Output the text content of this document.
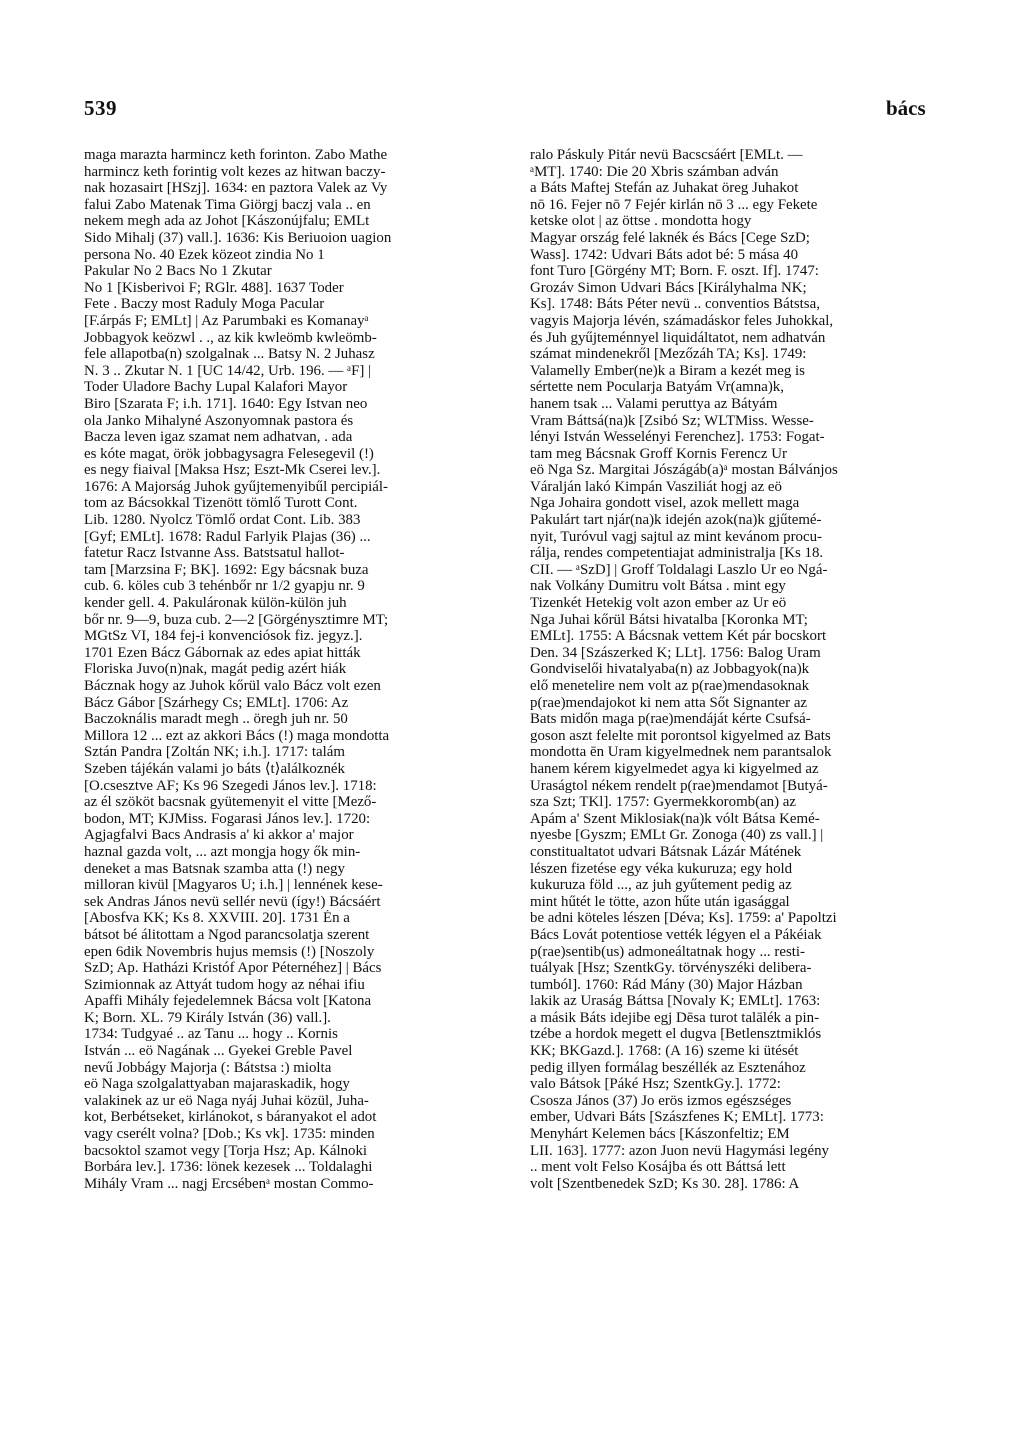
539	bács
maga marazta harmincz keth forinton. Zabo Mathe
harmincz keth forintig volt kezes az hitwan baczy-
nak hozasairt [HSzj]. 1634: en paztora Valek az Vy
falui Zabo Matenak Tima Giörgj baczj vala .. en
nekem megh ada az Johot [Kászonújfalu; EMLt
Sido Mihalj (37) vall.]. 1636: Kis Beriuoion uagion
persona No. 40 Ezek közeot zindia No 1
Pakular No 2 Bacs No 1 Zkutar
No 1 [Kisberivoi F; RGlr. 488]. 1637 Toder
Fete . Baczy most Raduly Moga Pacular
[F.árpás F; EMLt] | Az Parumbaki es Komanayᵃ
Jobbagyok keözwl . ., az kik kwleömb kwleömb-
fele allapotba(n) szolgalnak ... Batsy N. 2 Juhasz
N. 3 .. Zkutar N. 1 [UC 14/42, Urb. 196. — ᵃF] |
Toder Uladore Bachy Lupal Kalafori Mayor
Biro [Szarata F; i.h. 171]. 1640: Egy Istvan neo
ola Janko Mihalyné Aszonyomnak pastora és
Bacza leven igaz szamat nem adhatvan, . ada
es kóte magat, örök jobbagysagra Felesegevil (!)
es negy fiaival [Maksa Hsz; Eszt-Mk Cserei lev.].
1676: A Majorság Juhok gyűjtemenyibűl percipiál-
tom az Bácsokkal Tizenött tömlő Turott Cont.
Lib. 1280. Nyolcz Tömlő ordat Cont. Lib. 383
[Gyf; EMLt]. 1678: Radul Farlyik Plajas (36) ...
fatetur Racz Istvanne Ass. Batstsatul hallot-
tam [Marzsina F; BK]. 1692: Egy bácsnak buza
cub. 6. köles cub 3 tehénbőr nr 1/2 gyapju nr. 9
kender gell. 4. Pakuláronak külön-külön juh
bőr nr. 9—9, buza cub. 2—2 [Görgénysztimre MT;
MGtSz VI, 184 fej-i konvenciósok fiz. jegyz.].
1701 Ezen Bácz Gábornak az edes apiat hitták
Floriska Juvo(n)nak, magát pedig azért hiák
Bácznak hogy az Juhok kőrül valo Bácz volt ezen
Bácz Gábor [Szárhegy Cs; EMLt]. 1706: Az
Baczoknális maradt megh .. öregh juh nr. 50
Millora 12 ... ezt az akkori Bács (!) maga mondotta
Sztán Pandra [Zoltán NK; i.h.]. 1717: talám
Szeben tájékán valami jo báts ⟨t⟩alálkoznék
[O.csesztve AF; Ks 96 Szegedi János lev.]. 1718:
az él szököt bacsnak gyütemenyit el vitte [Mező-
bodon, MT; KJMiss. Fogarasi János lev.]. 1720:
Agjagfalvi Bacs Andrasis a' ki akkor a' major
haznal gazda volt, ... azt mongja hogy ők min-
deneket a mas Batsnak szamba atta (!) negy
milloran kivül [Magyaros U; i.h.] | lennének kese-
sek Andras János nevü sellér nevü (így!) Bácsáért
[Abosfva KK; Ks 8. XXVIII. 20]. 1731 Én a
bátsot bé álitottam a Ngod parancsolatja szerent
epen 6dik Novembris hujus memsis (!) [Noszoly
SzD; Ap. Hatházi Kristóf Apor Péternéhez] | Bács
Szimionnak az Attyát tudom hogy az néhai ifiu
Apaffi Mihály fejedelemnek Bácsa volt [Katona
K; Born. XL. 79 Király István (36) vall.].
1734: Tudgyaé .. az Tanu ... hogy .. Kornis
István ... eö Nagának ... Gyekei Greble Pavel
nevű Jobbágy Majorja (: Bátstsa :) miolta
eö Naga szolgalattyaban majaraskadik, hogy
valakinek az ur eö Naga nyáj Juhai közül, Juha-
kot, Berbétseket, kirlánokot, s báranyakot el adot
vagy cserélt volna? [Dob.; Ks vk]. 1735: minden
bacsoktol szamot vegy [Torja Hsz; Ap. Kálnoki
Borbára lev.]. 1736: lönek kezesek ... Toldalaghi
Mihály Vram ... nagj Ercsébenᵃ mostan Commo-
ralo Páskuly Pitár nevü Bacscsáért [EMLt. —
ᵃMT]. 1740: Die 20 Xbris számban adván
a Báts Maftej Stefán az Juhakat öreg Juhakot
nō 16. Fejer nō 7 Fejér kirlán nō 3 ... egy Fekete
ketske olot | az öttse . mondotta hogy
Magyar ország felé laknék és Bács [Cege SzD;
Wass]. 1742: Udvari Báts adot bé: 5 mása 40
font Turo [Görgény MT; Born. F. oszt. If]. 1747:
Grozáv Simon Udvari Bács [Királyhalma NK;
Ks]. 1748: Báts Péter nevü .. conventios Bátstsa,
vagyis Majorja lévén, számadáskor feles Juhokkal,
és Juh gyűjteménnyel liquidáltatot, nem adhatván
számat mindenekről [Mezőzáh TA; Ks]. 1749:
Valamelly Ember(ne)k a Biram a kezét meg is
sértette nem Pocularja Batyám Vr(amna)k,
hanem tsak ... Valami peruttya az Bátyám
Vram Báttsá(na)k [Zsibó Sz; WLTMiss. Wesse-
lényi István Wesselényi Ferenchez]. 1753: Fogat-
tam meg Bácsnak Groff Kornis Ferencz Ur
eö Nga Sz. Margitai Jószágáb(a)ᵃ mostan Bálvánjos
Váralján lakó Kimpán Vasziliát hogj az eö
Nga Johaira gondott visel, azok mellett maga
Pakulárt tart njár(na)k idején azok(na)k gjűtemé-
nyit, Turóvul vagj sajtul az mint kevánom procu-
rálja, rendes competentiajat administralja [Ks 18.
CII. — ᵃSzD] | Groff Toldalagi Laszlo Ur eo Ngá-
nak Volkány Dumitru volt Bátsa . mint egy
Tizenkét Hetekig volt azon ember az Ur eö
Nga Juhai kőrül Bátsi hivatalba [Koronka MT;
EMLt]. 1755: A Bácsnak vettem Két pár bocskort
Den. 34 [Szászerked K; LLt]. 1756: Balog Uram
Gondviselői hivatalyaba(n) az Jobbagyok(na)k
elő menetelire nem volt az p(rae)mendasoknak
p(rae)mendajokot ki nem atta Sőt Signanter az
Bats midőn maga p(rae)mendáját kérte Csufsá-
goson aszt felelte mit porontsol kigyelmed az Bats
mondotta ēn Uram kigyelmednek nem parantsalok
hanem kérem kigyelmedet agya ki kigyelmed az
Uraságtol nékem rendelt p(rae)mendamot [Butyá-
sza Szt; TKl]. 1757: Gyermekkoromb(an) az
Apám a' Szent Miklosiak(na)k vólt Bátsa Kemé-
nyesbe [Gyszm; EMLt Gr. Zonoga (40) zs vall.] |
constitualtatot udvari Bátsnak Lázár Mátének
lészen fizetése egy véka kukuruza; egy hold
kukuruza föld ..., az juh gyűtement pedig az
mint hűtét le tötte, azon hűte után igasággal
be adni köteles lészen [Déva; Ks]. 1759: a' Papoltzi
Bács Lovát potentiose vették légyen el a Pákéiak
p(rae)sentib(us) admoneáltatnak hogy ... resti-
tuályak [Hsz; SzentkGy. törvényszéki delibera-
tumból]. 1760: Rád Mány (30) Major Házban
lakik az Uraság Báttsa [Novaly K; EMLt]. 1763:
a másik Báts idejibe egj Dēsa turot talālék a pin-
tzébe a hordok megett el dugva [Betlensztmiklós
KK; BKGazd.]. 1768: (A 16) szeme ki ütését
pedig illyen formálag beszéllék az Esztenához
valo Bátsok [Páké Hsz; SzentkGy.]. 1772:
Csosza János (37) Jo erös izmos egészséges
ember, Udvari Báts [Szászfenes K; EMLt]. 1773:
Menyhárt Kelemen bács [Kászonfeltiz; EM
LII. 163]. 1777: azon Juon nevü Hagymási legény
.. ment volt Felso Kosájba és ott Báttsá lett
volt [Szentbenedek SzD; Ks 30. 28]. 1786: A
